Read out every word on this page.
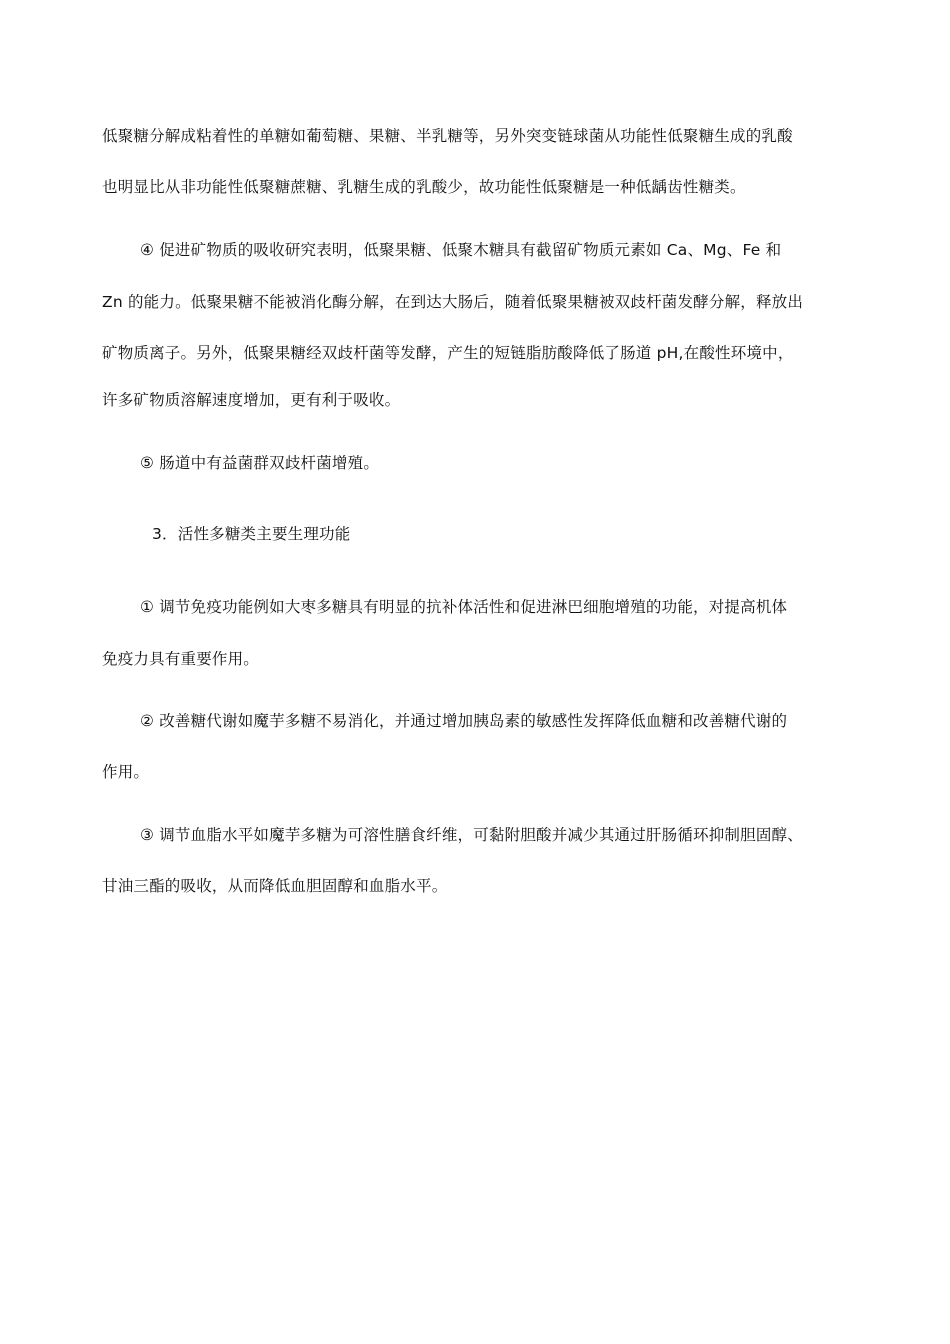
低聚糖分解成粘着性的单糖如葡萄糖、果糖、半乳糖等，另外突变链球菌从功能性低聚糖生成的乳酸
也明显比从非功能性低聚糖蔗糖、乳糖生成的乳酸少，故功能性低聚糖是一种低龋齿性糖类。
④ 促进矿物质的吸收研究表明，低聚果糖、低聚木糖具有截留矿物质元素如 Ca、Mg、Fe 和
Zn 的能力。低聚果糖不能被消化酶分解，在到达大肠后，随着低聚果糖被双歧杆菌发酵分解，释放出
矿物质离子。另外，低聚果糖经双歧杆菌等发酵，产生的短链脂肪酸降低了肠道 pH,在酸性环境中，
许多矿物质溶解速度增加，更有利于吸收。
⑤ 肠道中有益菌群双歧杆菌增殖。
3．活性多糖类主要生理功能
① 调节免疫功能例如大枣多糖具有明显的抗补体活性和促进淋巴细胞增殖的功能，对提高机体
免疫力具有重要作用。
② 改善糖代谢如魔芋多糖不易消化，并通过增加胰岛素的敏感性发挥降低血糖和改善糖代谢的
作用。
③ 调节血脂水平如魔芋多糖为可溶性膳食纤维，可黏附胆酸并减少其通过肝肠循环抑制胆固醇、
甘油三酯的吸收，从而降低血胆固醇和血脂水平。
